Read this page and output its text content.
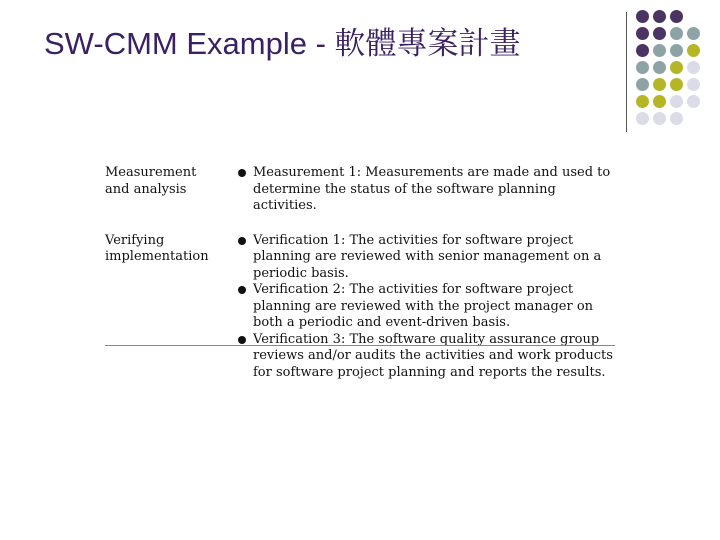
SW-CMM Example - 軟體專案計畫
Measurement and analysis
Measurement 1: Measurements are made and used to determine the status of the software planning activities.
Verifying implementation
Verification 1: The activities for software project planning are reviewed with senior management on a periodic basis.
Verification 2: The activities for software project planning are reviewed with the project manager on both a periodic and event-driven basis.
Verification 3: The software quality assurance group reviews and/or audits the activities and work products for software project planning and reports the results.
